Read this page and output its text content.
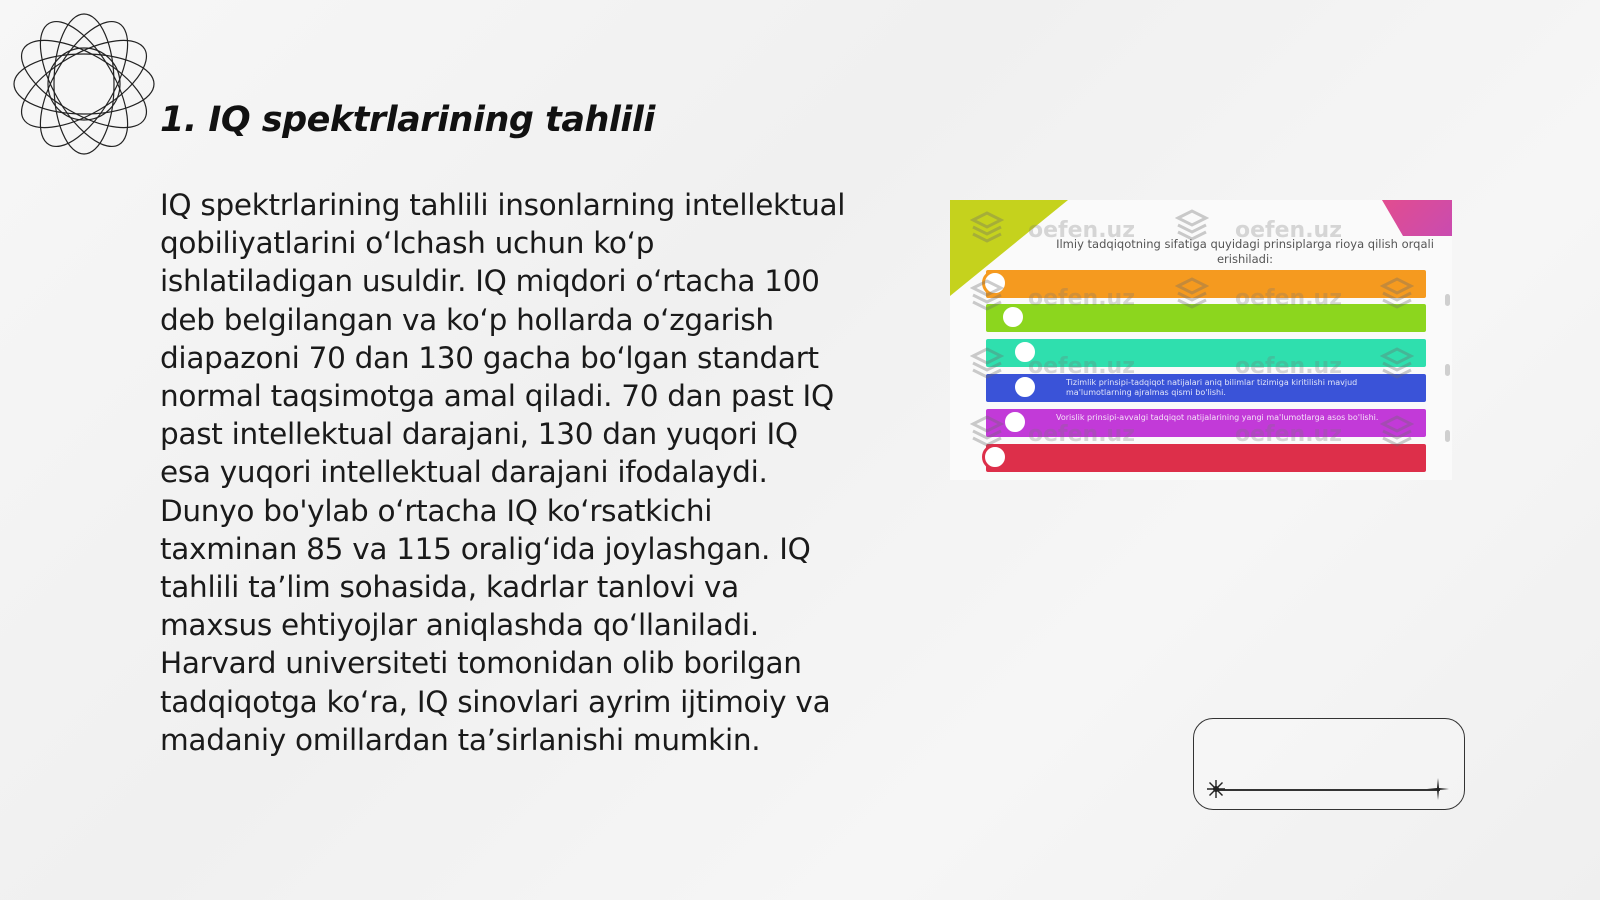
1. IQ spektrlarining tahlili
IQ spektrlarining tahlili insonlarning intellektual qobiliyatlarini oʻlchash uchun koʻp ishlatiladigan usuldir. IQ miqdori oʻrtacha 100 deb belgilangan va koʻp hollarda oʻzgarish diapazoni 70 dan 130 gacha boʻlgan standart normal taqsimotga amal qiladi. 70 dan past IQ past intellektual darajani, 130 dan yuqori IQ esa yuqori intellektual darajani ifodalaydi. Dunyo bo'ylab oʻrtacha IQ koʻrsatkichi taxminan 85 va 115 oraligʻida joylashgan. IQ tahlili taʼlim sohasida, kadrlar tanlovi va maxsus ehtiyojlar aniqlashda qoʻllaniladi. Harvard universiteti tomonidan olib borilgan tadqiqotga koʻra, IQ sinovlari ayrim ijtimoiy va madaniy omillardan taʼsirlanishi mumkin.
Ilmiy tadqiqotning sifatiga quyidagi prinsiplarga rioya qilish orqali erishiladi:
Tizimlik prinsipi-tadqiqot natijalari aniq bilimlar tizimiga kiritilishi mavjud ma'lumotlarning ajralmas qismi bo'lishi.
Vorislik prinsipi-avvalgi tadqiqot natijalarining yangi ma'lumotlarga asos bo'lishi.
oefen.uz	oefen.uz
oefen.uz	oefen.uz
oefen.uz	oefen.uz
oefen.uz	oefen.uz
